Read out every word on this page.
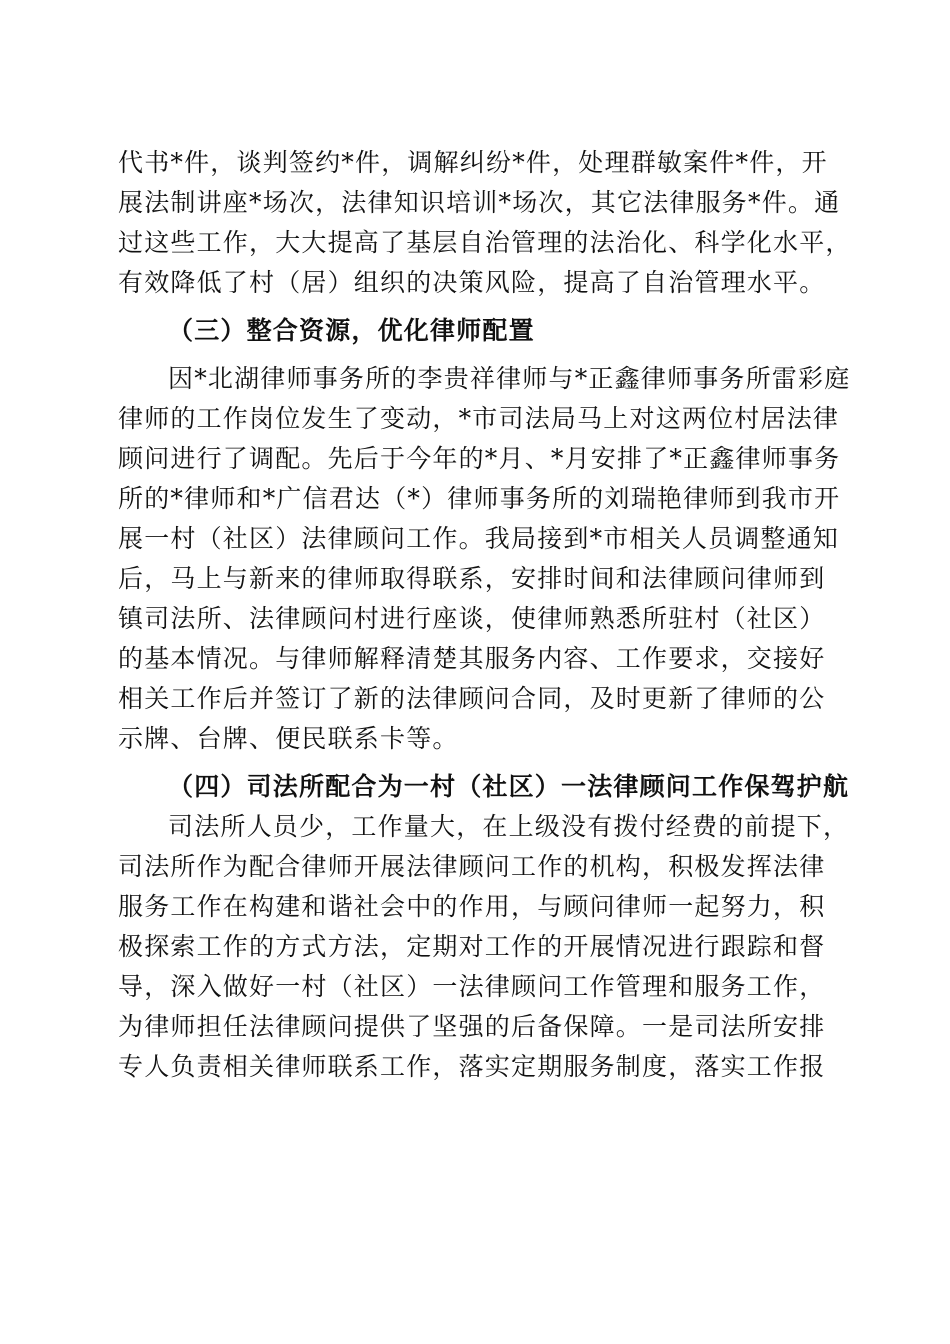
代书*件，谈判签约*件，调解纠纷*件，处理群敏案件*件，开
展法制讲座*场次，法律知识培训*场次，其它法律服务*件。通
过这些工作，大大提高了基层自治管理的法治化、科学化水平，
有效降低了村（居）组织的决策风险，提高了自治管理水平。
（三）整合资源，优化律师配置
因*北湖律师事务所的李贵祥律师与*正鑫律师事务所雷彩庭
律师的工作岗位发生了变动，*市司法局马上对这两位村居法律
顾问进行了调配。先后于今年的*月、*月安排了*正鑫律师事务
所的*律师和*广信君达（*）律师事务所的刘瑞艳律师到我市开
展一村（社区）法律顾问工作。我局接到*市相关人员调整通知
后，马上与新来的律师取得联系，安排时间和法律顾问律师到
镇司法所、法律顾问村进行座谈，使律师熟悉所驻村（社区）
的基本情况。与律师解释清楚其服务内容、工作要求，交接好
相关工作后并签订了新的法律顾问合同，及时更新了律师的公
示牌、台牌、便民联系卡等。
（四）司法所配合为一村（社区）一法律顾问工作保驾护航
司法所人员少，工作量大，在上级没有拨付经费的前提下，
司法所作为配合律师开展法律顾问工作的机构，积极发挥法律
服务工作在构建和谐社会中的作用，与顾问律师一起努力，积
极探索工作的方式方法，定期对工作的开展情况进行跟踪和督
导，深入做好一村（社区）一法律顾问工作管理和服务工作，
为律师担任法律顾问提供了坚强的后备保障。一是司法所安排
专人负责相关律师联系工作，落实定期服务制度，落实工作报
